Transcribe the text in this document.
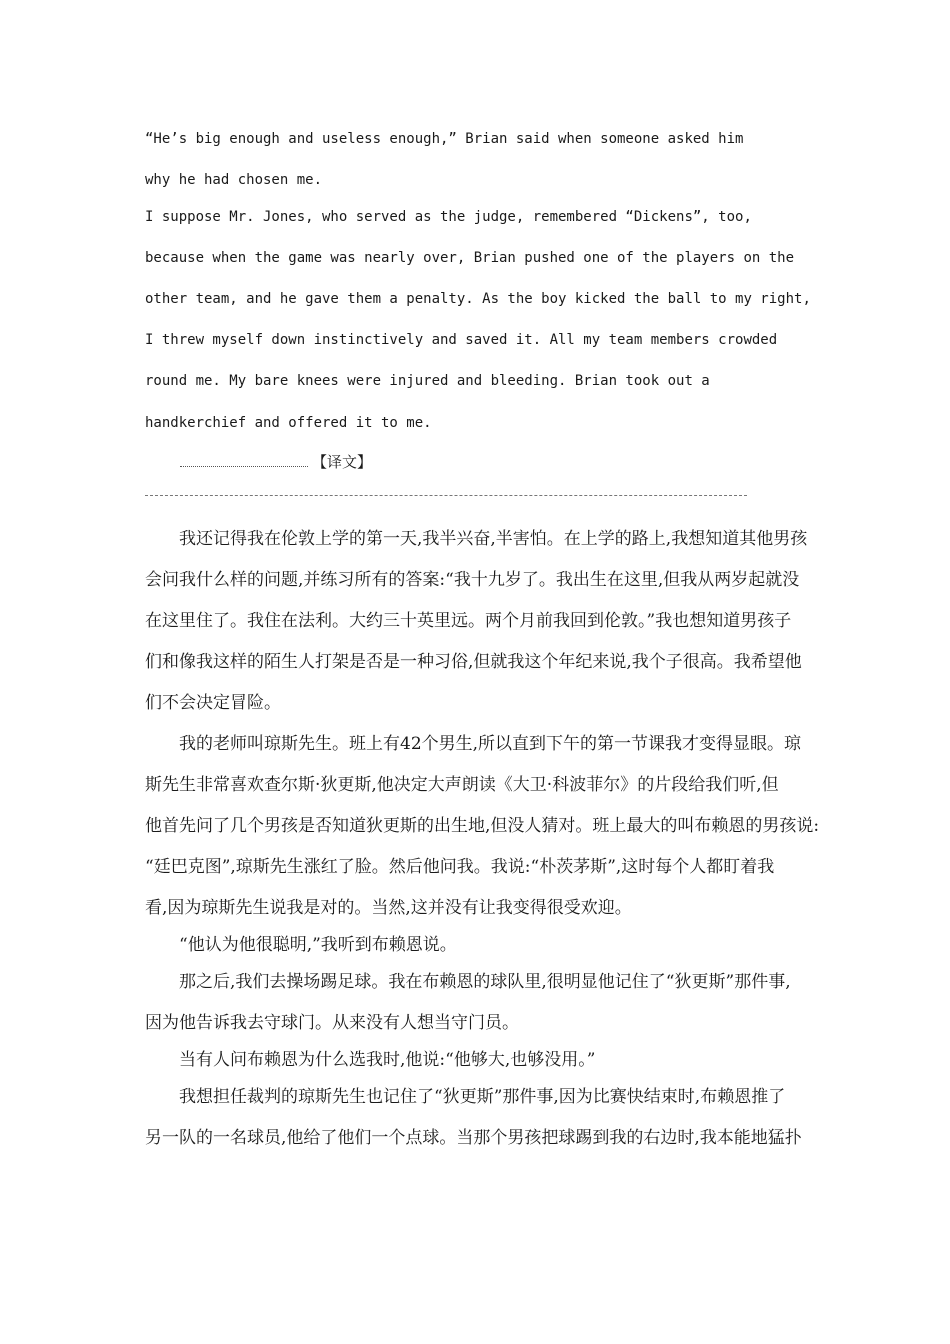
“He’s big enough and useless enough,” Brian said when someone asked him
why he had chosen me.
I suppose Mr. Jones, who served as the judge, remembered “Dickens”, too,
because when the game was nearly over, Brian pushed one of the players on the
other team, and he gave them a penalty. As the boy kicked the ball to my right,
I threw myself down instinctively and saved it. All my team members crowded
round me. My bare knees were injured and bleeding. Brian took out a
handkerchief and offered it to me.
【译文】
　　我还记得我在伦敦上学的第一天,我半兴奋,半害怕。在上学的路上,我想知道其他男孩
会问我什么样的问题,并练习所有的答案:“我十九岁了。我出生在这里,但我从两岁起就没
在这里住了。我住在法利。大约三十英里远。两个月前我回到伦敦。”我也想知道男孩子
们和像我这样的陌生人打架是否是一种习俗,但就我这个年纪来说,我个子很高。我希望他
们不会决定冒险。
　　我的老师叫琼斯先生。班上有42个男生,所以直到下午的第一节课我才变得显眼。琼
斯先生非常喜欢查尔斯·狄更斯,他决定大声朗读《大卫·科波菲尔》的片段给我们听,但
他首先问了几个男孩是否知道狄更斯的出生地,但没人猜对。班上最大的叫布赖恩的男孩说:
“廷巴克图”,琼斯先生涨红了脸。然后他问我。我说:“朴茨茅斯”,这时每个人都盯着我
看,因为琼斯先生说我是对的。当然,这并没有让我变得很受欢迎。
　　“他认为他很聪明,”我听到布赖恩说。
　　那之后,我们去操场踢足球。我在布赖恩的球队里,很明显他记住了“狄更斯”那件事,
因为他告诉我去守球门。从来没有人想当守门员。
　　当有人问布赖恩为什么选我时,他说:“他够大,也够没用。”
　　我想担任裁判的琼斯先生也记住了“狄更斯”那件事,因为比赛快结束时,布赖恩推了
另一队的一名球员,他给了他们一个点球。当那个男孩把球踢到我的右边时,我本能地猛扑
